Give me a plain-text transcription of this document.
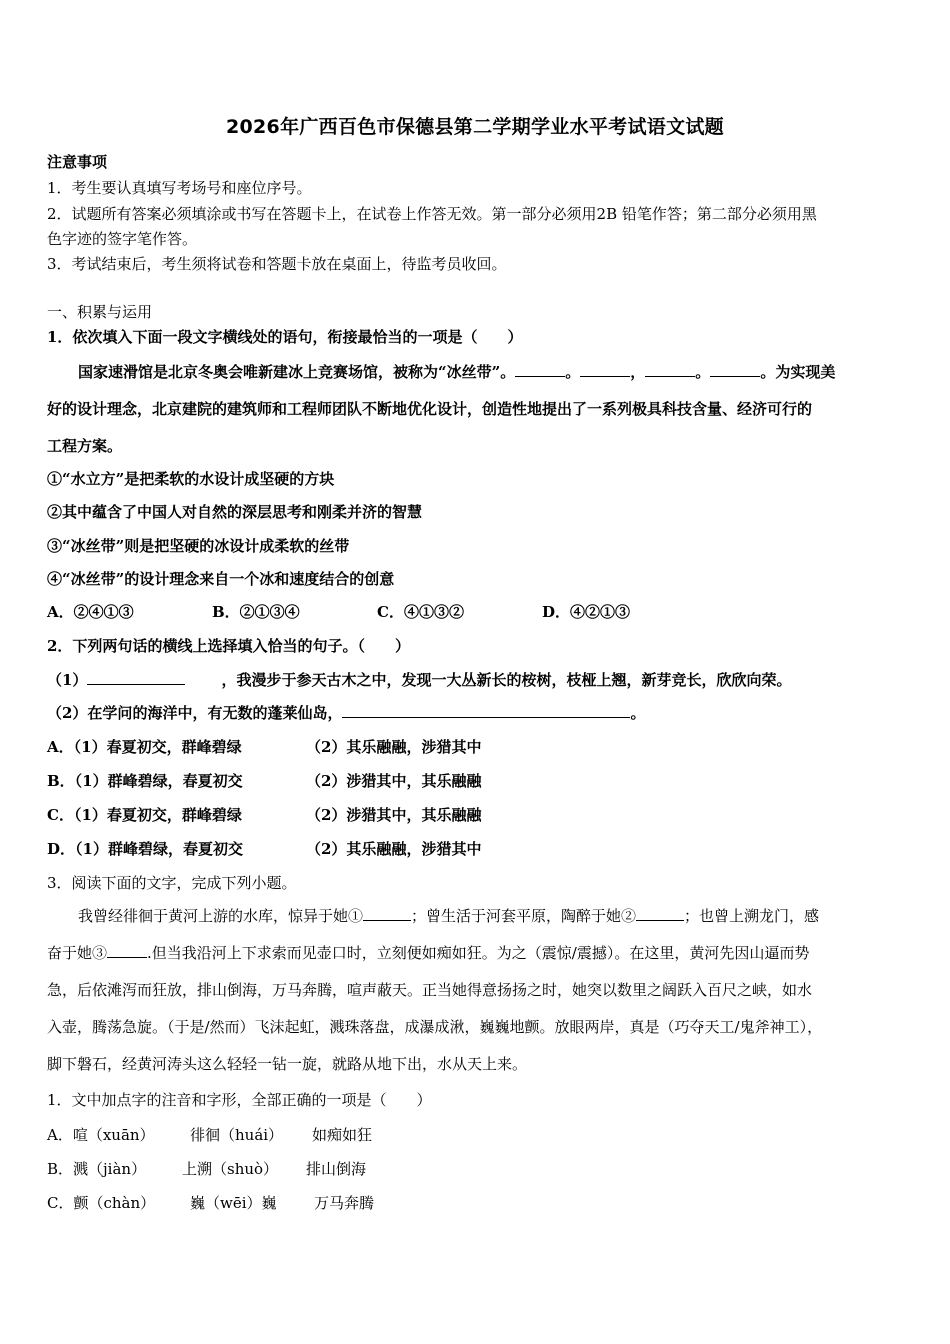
2026年广西百色市保德县第二学期学业水平考试语文试题
注意事项
1．考生要认真填写考场号和座位序号。
2．试题所有答案必须填涂或书写在答题卡上，在试卷上作答无效。第一部分必须用2B 铅笔作答；第二部分必须用黑
色字迹的签字笔作答。
3．考试结束后，考生须将试卷和答题卡放在桌面上，待监考员收回。
一、积累与运用
1．依次填入下面一段文字横线处的语句，衔接最恰当的一项是（　　）
国家速滑馆是北京冬奥会唯新建冰上竞赛场馆，被称为“冰丝带”。	。	，	。	。为实现美
好的设计理念，北京建院的建筑师和工程师团队不断地优化设计，创造性地提出了一系列极具科技含量、经济可行的
工程方案。
①“水立方”是把柔软的水设计成坚硬的方块
②其中蕴含了中国人对自然的深层思考和刚柔并济的智慧
③“冰丝带”则是把坚硬的冰设计成柔软的丝带
④“冰丝带”的设计理念来自一个冰和速度结合的创意
A．②④①③	B．②①③④	C．④①③②	D．④②①③
2．下列两句话的横线上选择填入恰当的句子。（　　）
（1）	，我漫步于参天古木之中，发现一大丛新长的桉树，枝桠上翘，新芽竞长，欣欣向荣。
（2）在学问的海洋中，有无数的蓬莱仙岛，	。
A．（1）春夏初交，群峰碧绿	（2）其乐融融，涉猎其中
B．（1）群峰碧绿，春夏初交	（2）涉猎其中，其乐融融
C．（1）春夏初交，群峰碧绿	（2）涉猎其中，其乐融融
D．（1）群峰碧绿，春夏初交	（2）其乐融融，涉猎其中
3．阅读下面的文字，完成下列小题。
我曾经徘徊于黄河上游的水库，惊异于她①	；曾生活于河套平原，陶醉于她②	；也曾上溯龙门，感
奋于她③	.但当我沿河上下求索而见壶口时，立刻便如痴如狂。为之（震惊/震撼）。在这里，黄河先因山逼而势
急，后依滩泻而狂放，排山倒海，万马奔腾，喧声蔽天。正当她得意扬扬之时，她突以数里之阔跃入百尺之峡，如水
入壶，腾荡急旋。（于是/然而）飞沫起虹，溅珠落盘，成瀑成湫，巍巍地颤。放眼两岸，真是（巧夺天工/鬼斧神工），
脚下磐石，经黄河涛头这么轻轻一钻一旋，就路从地下出，水从天上来。
1．文中加点字的注音和字形，全部正确的一项是（　　）
A．喧（xuān） 徘徊（huái） 如痴如狂
B．溅（jiàn） 上溯（shuò） 排山倒海
C．颤（chàn） 巍（wēi）巍 万马奔腾
